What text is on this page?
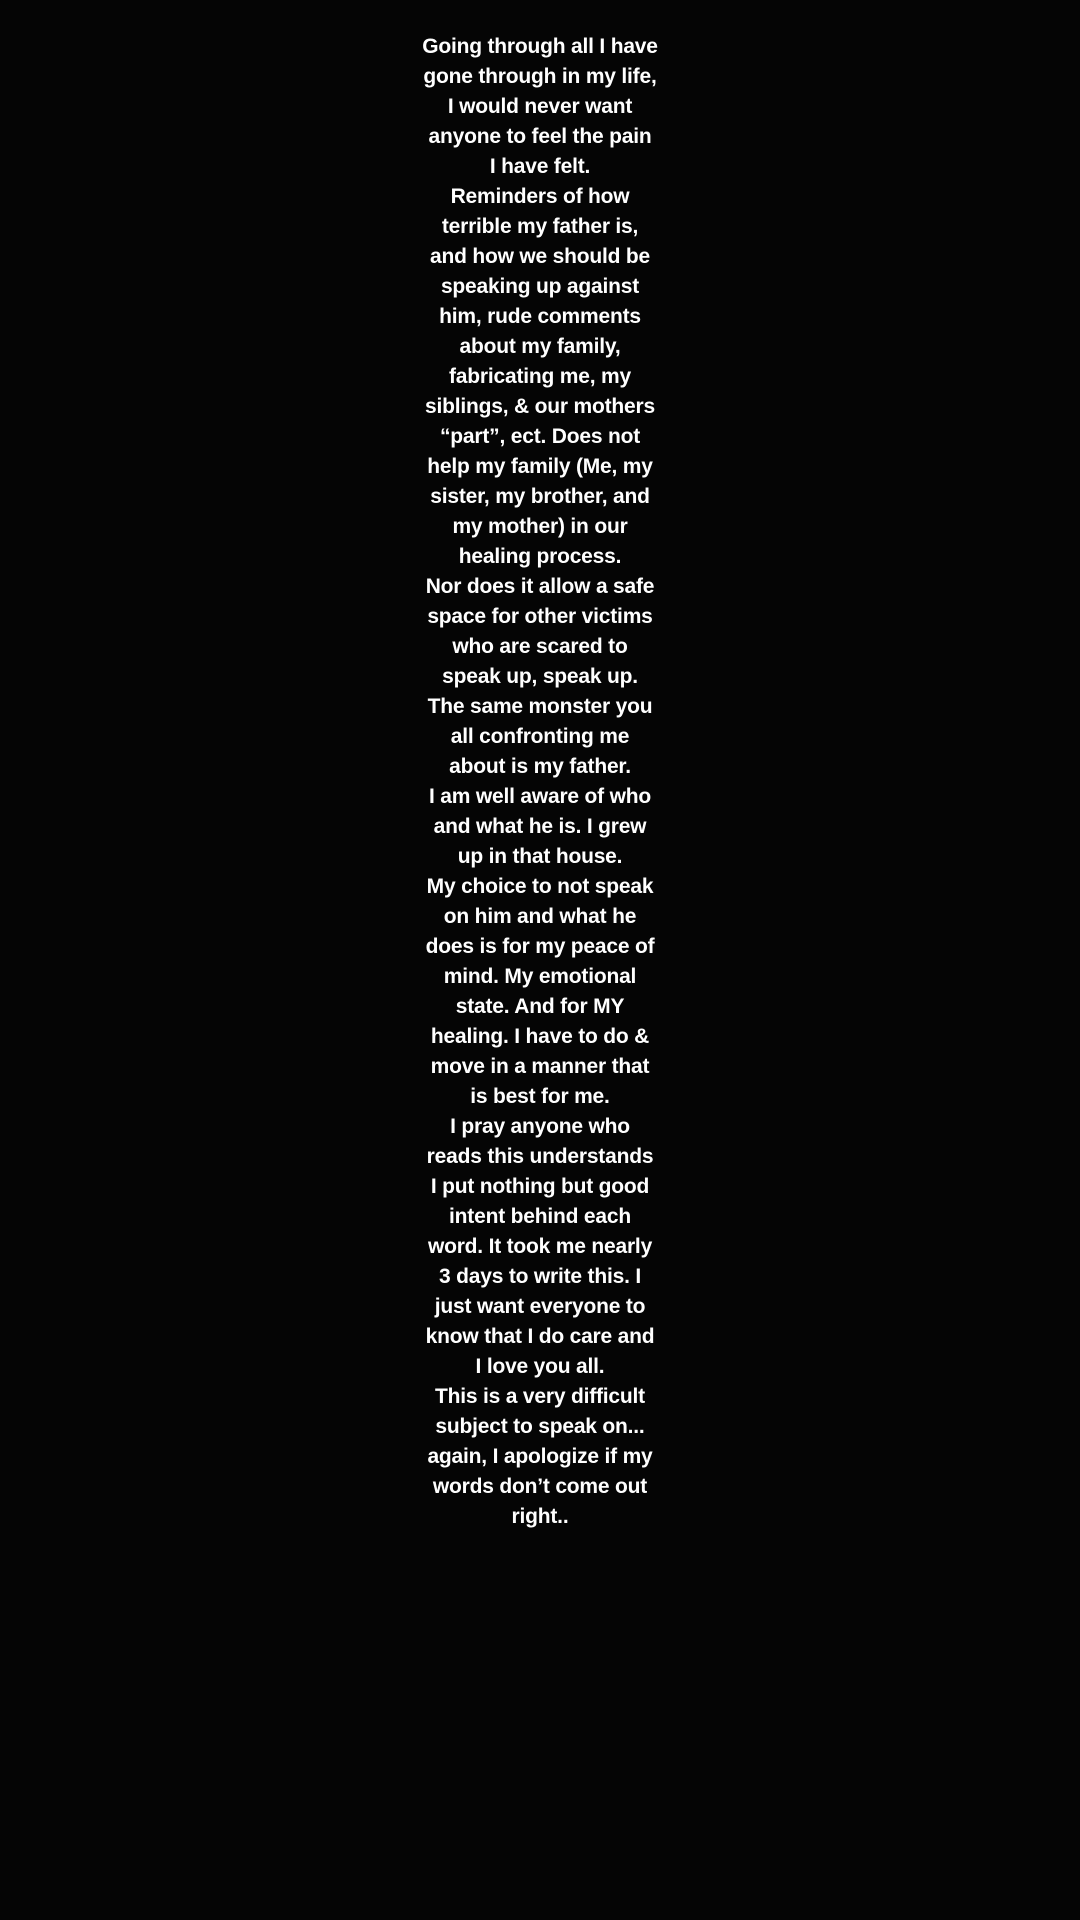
Going through all I have
gone through in my life,
I would never want
anyone to feel the pain
I have felt.
Reminders of how
terrible my father is,
and how we should be
speaking up against
him, rude comments
about my family,
fabricating me, my
siblings, & our mothers
“part”, ect. Does not
help my family (Me, my
sister, my brother, and
my mother) in our
healing process.
Nor does it allow a safe
space for other victims
who are scared to
speak up, speak up.
The same monster you
all confronting me
about is my father.
I am well aware of who
and what he is. I grew
up in that house.
My choice to not speak
on him and what he
does is for my peace of
mind. My emotional
state. And for MY
healing. I have to do &
move in a manner that
is best for me.
I pray anyone who
reads this understands
I put nothing but good
intent behind each
word. It took me nearly
3 days to write this. I
just want everyone to
know that I do care and
I love you all.
This is a very difficult
subject to speak on...
again, I apologize if my
words don’t come out
right..
